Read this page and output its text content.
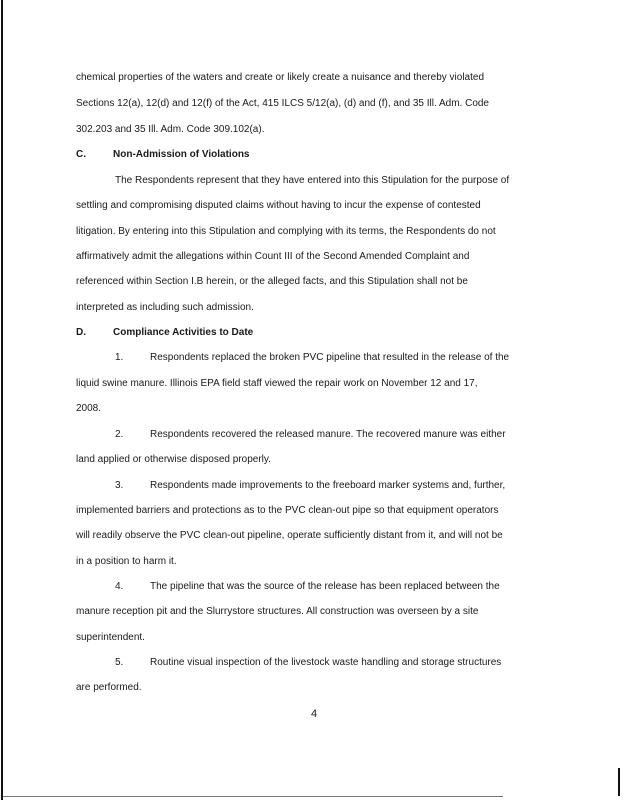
chemical properties of the waters and create or likely create a nuisance and thereby violated
Sections 12(a), 12(d) and 12(f) of the Act, 415 ILCS 5/12(a), (d) and (f), and 35 Ill. Adm. Code
302.203 and 35 Ill. Adm. Code 309.102(a).
C.	Non-Admission of Violations
The Respondents represent that they have entered into this Stipulation for the purpose of
settling and compromising disputed claims without having to incur the expense of contested
litigation. By entering into this Stipulation and complying with its terms, the Respondents do not
affirmatively admit the allegations within Count III of the Second Amended Complaint and
referenced within Section I.B herein, or the alleged facts, and this Stipulation shall not be
interpreted as including such admission.
D.	Compliance Activities to Date
1.	Respondents replaced the broken PVC pipeline that resulted in the release of the
liquid swine manure. Illinois EPA field staff viewed the repair work on November 12 and 17,
2008.
2.	Respondents recovered the released manure. The recovered manure was either
land applied or otherwise disposed properly.
3.	Respondents made improvements to the freeboard marker systems and, further,
implemented barriers and protections as to the PVC clean-out pipe so that equipment operators
will readily observe the PVC clean-out pipeline, operate sufficiently distant from it, and will not be
in a position to harm it.
4.	The pipeline that was the source of the release has been replaced between the
manure reception pit and the Slurrystore structures. All construction was overseen by a site
superintendent.
5.	Routine visual inspection of the livestock waste handling and storage structures
are performed.
4
